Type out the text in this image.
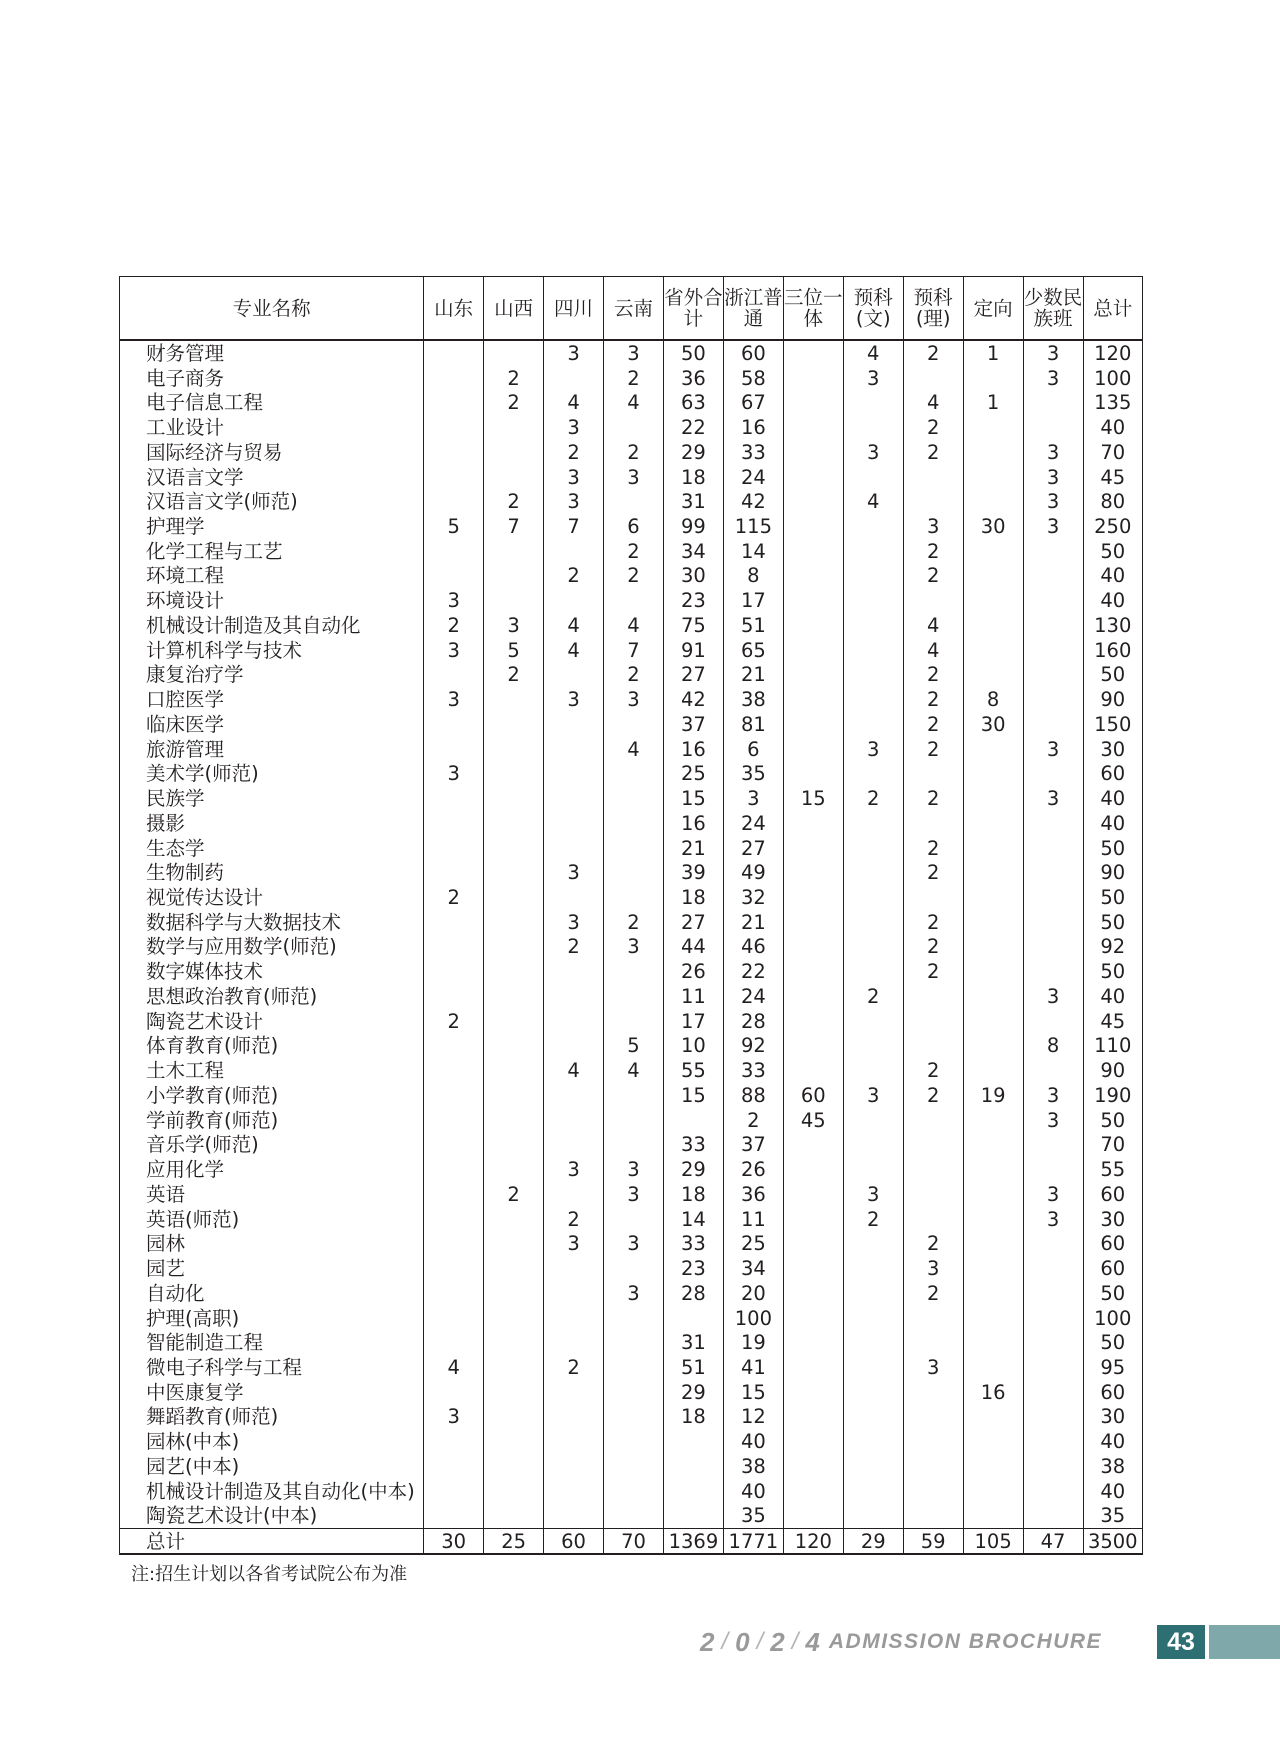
专业名称	山东	山西	四川	云南	省外合计	浙江普通	三位一体	预科(文)	预科(理)	定向	少数民族班	总计
财务管理			3	3	50	60		4	2	1	3	120
电子商务		2		2	36	58		3			3	100
电子信息工程		2	4	4	63	67			4	1		135
工业设计			3		22	16			2			40
国际经济与贸易			2	2	29	33		3	2		3	70
汉语言文学			3	3	18	24					3	45
汉语言文学(师范)		2	3		31	42		4			3	80
护理学	5	7	7	6	99	115			3	30	3	250
化学工程与工艺				2	34	14			2			50
环境工程			2	2	30	8			2			40
环境设计	3				23	17						40
机械设计制造及其自动化	2	3	4	4	75	51			4			130
计算机科学与技术	3	5	4	7	91	65			4			160
康复治疗学		2		2	27	21			2			50
口腔医学	3		3	3	42	38			2	8		90
临床医学					37	81			2	30		150
旅游管理				4	16	6		3	2		3	30
美术学(师范)	3				25	35						60
民族学					15	3	15	2	2		3	40
摄影					16	24						40
生态学					21	27			2			50
生物制药			3		39	49			2			90
视觉传达设计	2				18	32						50
数据科学与大数据技术			3	2	27	21			2			50
数学与应用数学(师范)			2	3	44	46			2			92
数字媒体技术					26	22			2			50
思想政治教育(师范)					11	24		2			3	40
陶瓷艺术设计	2				17	28						45
体育教育(师范)				5	10	92					8	110
土木工程			4	4	55	33			2			90
小学教育(师范)					15	88	60	3	2	19	3	190
学前教育(师范)						2	45				3	50
音乐学(师范)					33	37						70
应用化学			3	3	29	26						55
英语		2		3	18	36		3			3	60
英语(师范)			2		14	11		2			3	30
园林			3	3	33	25			2			60
园艺					23	34			3			60
自动化				3	28	20			2			50
护理(高职)						100						100
智能制造工程					31	19						50
微电子科学与工程	4		2		51	41			3			95
中医康复学					29	15				16		60
舞蹈教育(师范)	3				18	12						30
园林(中本)						40						40
园艺(中本)						38						38
机械设计制造及其自动化(中本)						40						40
陶瓷艺术设计(中本)						35						35
总计	30	25	60	70	1369	1771	120	29	59	105	47	3500
注:招生计划以各省考试院公布为准
2 / 0 / 2 / 4 ADMISSION BROCHURE	43
